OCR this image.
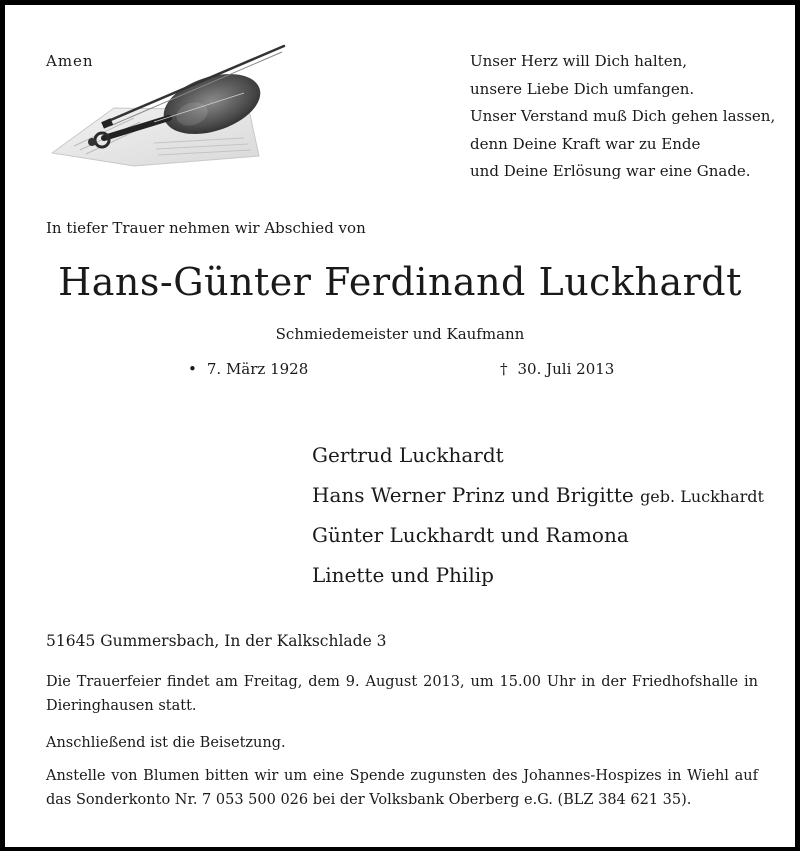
Amen	Unser Herz will Dich halten,
unsere Liebe Dich umfangen.
Unser Verstand muß Dich gehen lassen,
denn Deine Kraft war zu Ende
und Deine Erlösung war eine Gnade.
In tiefer Trauer nehmen wir Abschied von
Hans-Günter Ferdinand Luckhardt
Schmiedemeister und Kaufmann
• 7. März 1928	† 30. Juli 2013
Gertrud Luckhardt
Hans Werner Prinz und Brigitte geb. Luckhardt
Günter Luckhardt und Ramona
Linette und Philip
51645 Gummersbach, In der Kalkschlade 3
Die Trauerfeier findet am Freitag, dem 9. August 2013, um 15.00 Uhr in der Friedhofshalle in Dieringhausen statt.
Anschließend ist die Beisetzung.
Anstelle von Blumen bitten wir um eine Spende zugunsten des Johannes-Hospizes in Wiehl auf das Sonderkonto Nr. 7 053 500 026 bei der Volksbank Oberberg e.G. (BLZ 384 621 35).
